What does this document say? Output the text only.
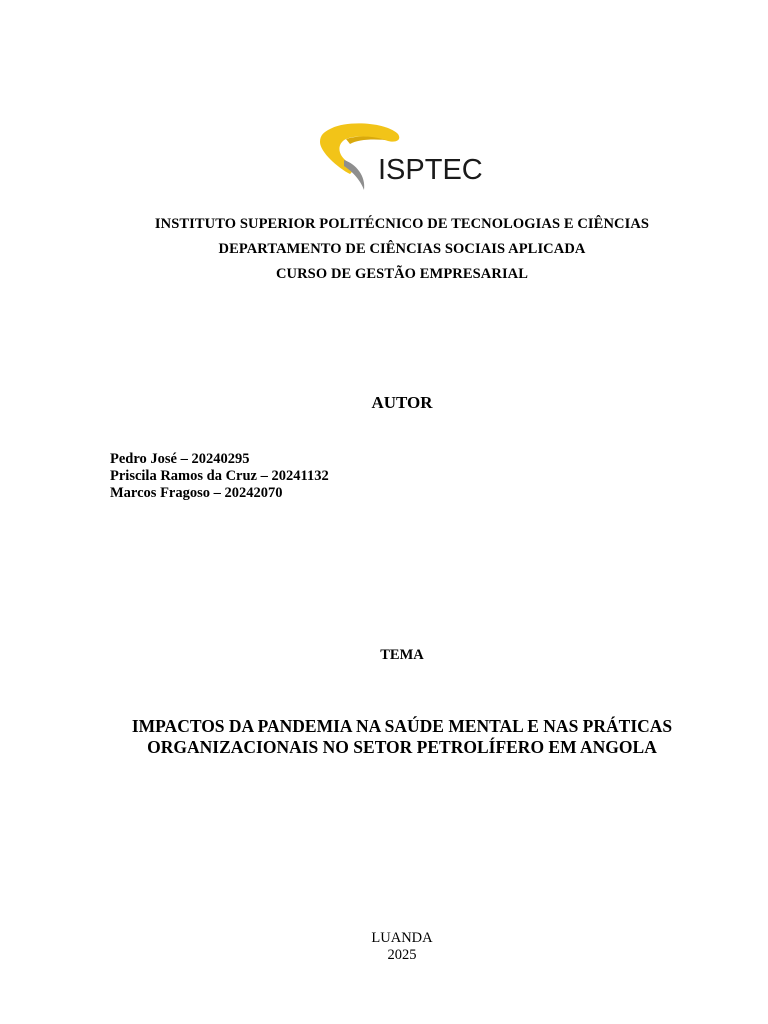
ISPTEC
INSTITUTO SUPERIOR POLITÉCNICO DE TECNOLOGIAS E CIÊNCIAS
DEPARTAMENTO DE CIÊNCIAS SOCIAIS APLICADA
CURSO DE GESTÃO EMPRESARIAL
AUTOR
Pedro José – 20240295
Priscila Ramos da Cruz – 20241132
Marcos Fragoso – 20242070
TEMA
IMPACTOS DA PANDEMIA NA SAÚDE MENTAL E NAS PRÁTICAS
ORGANIZACIONAIS NO SETOR PETROLÍFERO EM ANGOLA
LUANDA
2025
